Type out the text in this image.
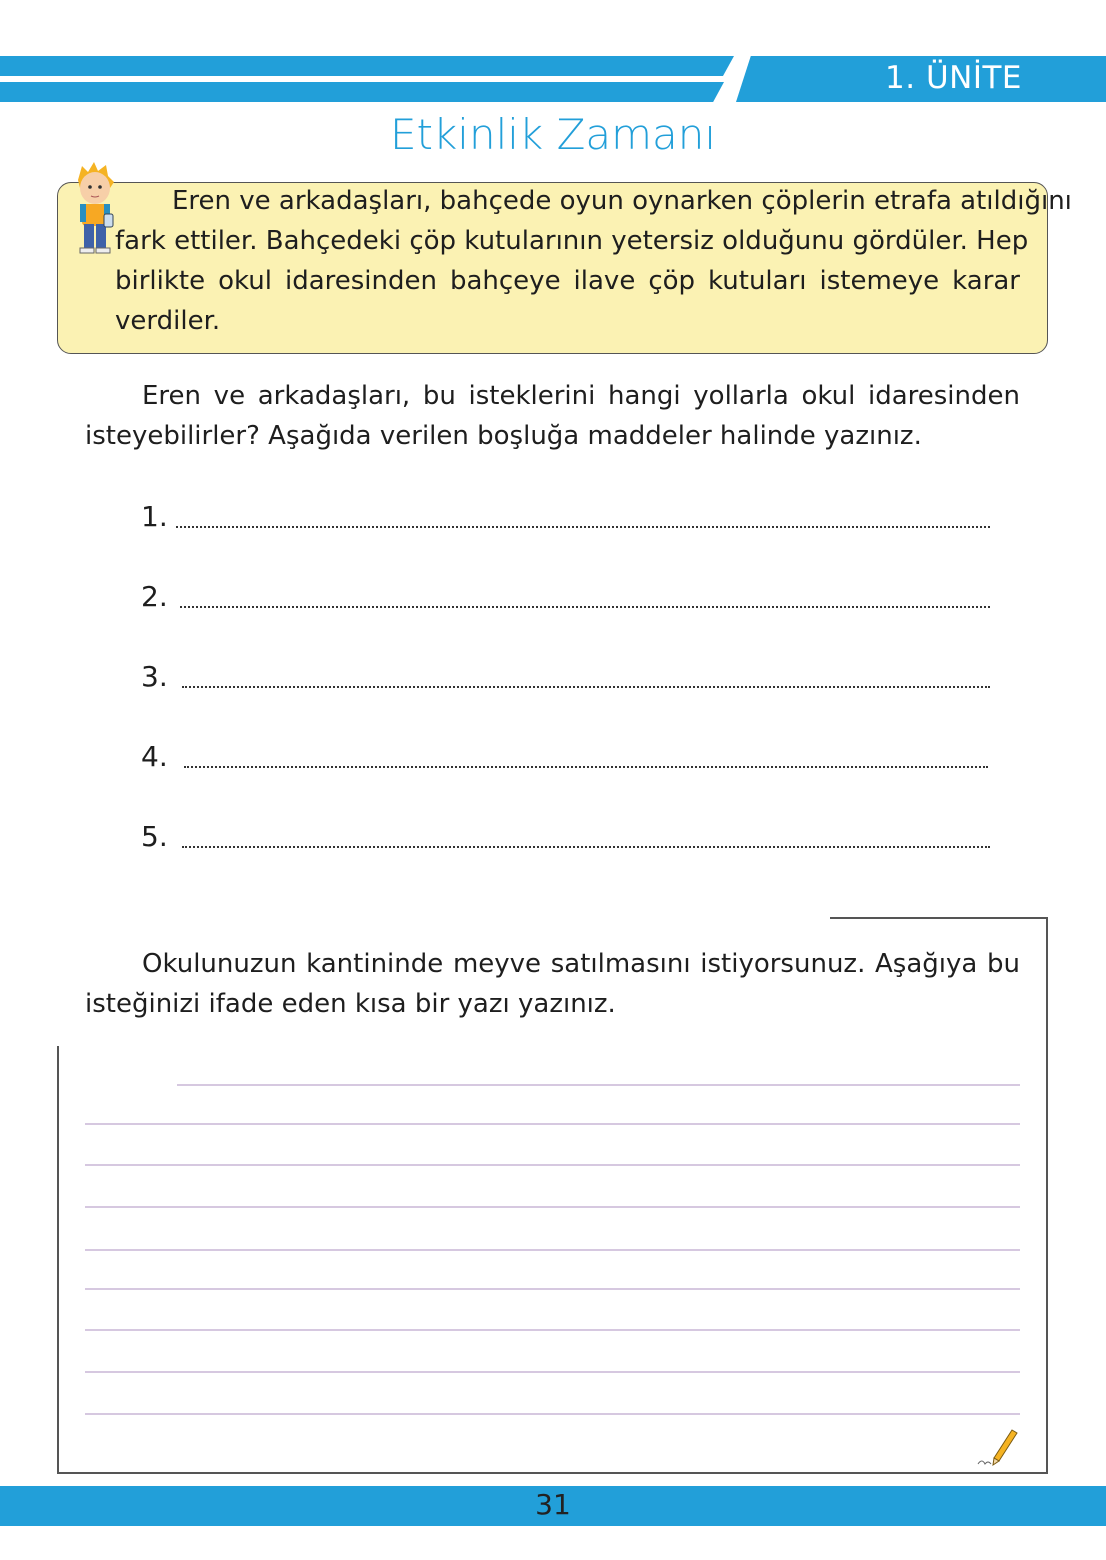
1. ÜNİTE
Etkinlik Zamanı
Eren ve arkadaşları, bahçede oyun oynarken çöplerin etrafa atıldığını
fark ettiler. Bahçedeki çöp kutularının yetersiz olduğunu gördüler. Hep
birlikte okul idaresinden bahçeye ilave çöp kutuları istemeye karar
verdiler.
Eren ve arkadaşları, bu isteklerini hangi yollarla okul idaresinden
isteyebilirler? Aşağıda verilen boşluğa maddeler halinde yazınız.
1.
2.
3.
4.
5.
Okulunuzun kantininde meyve satılmasını istiyorsunuz. Aşağıya bu
isteğinizi ifade eden kısa bir yazı yazınız.
31
